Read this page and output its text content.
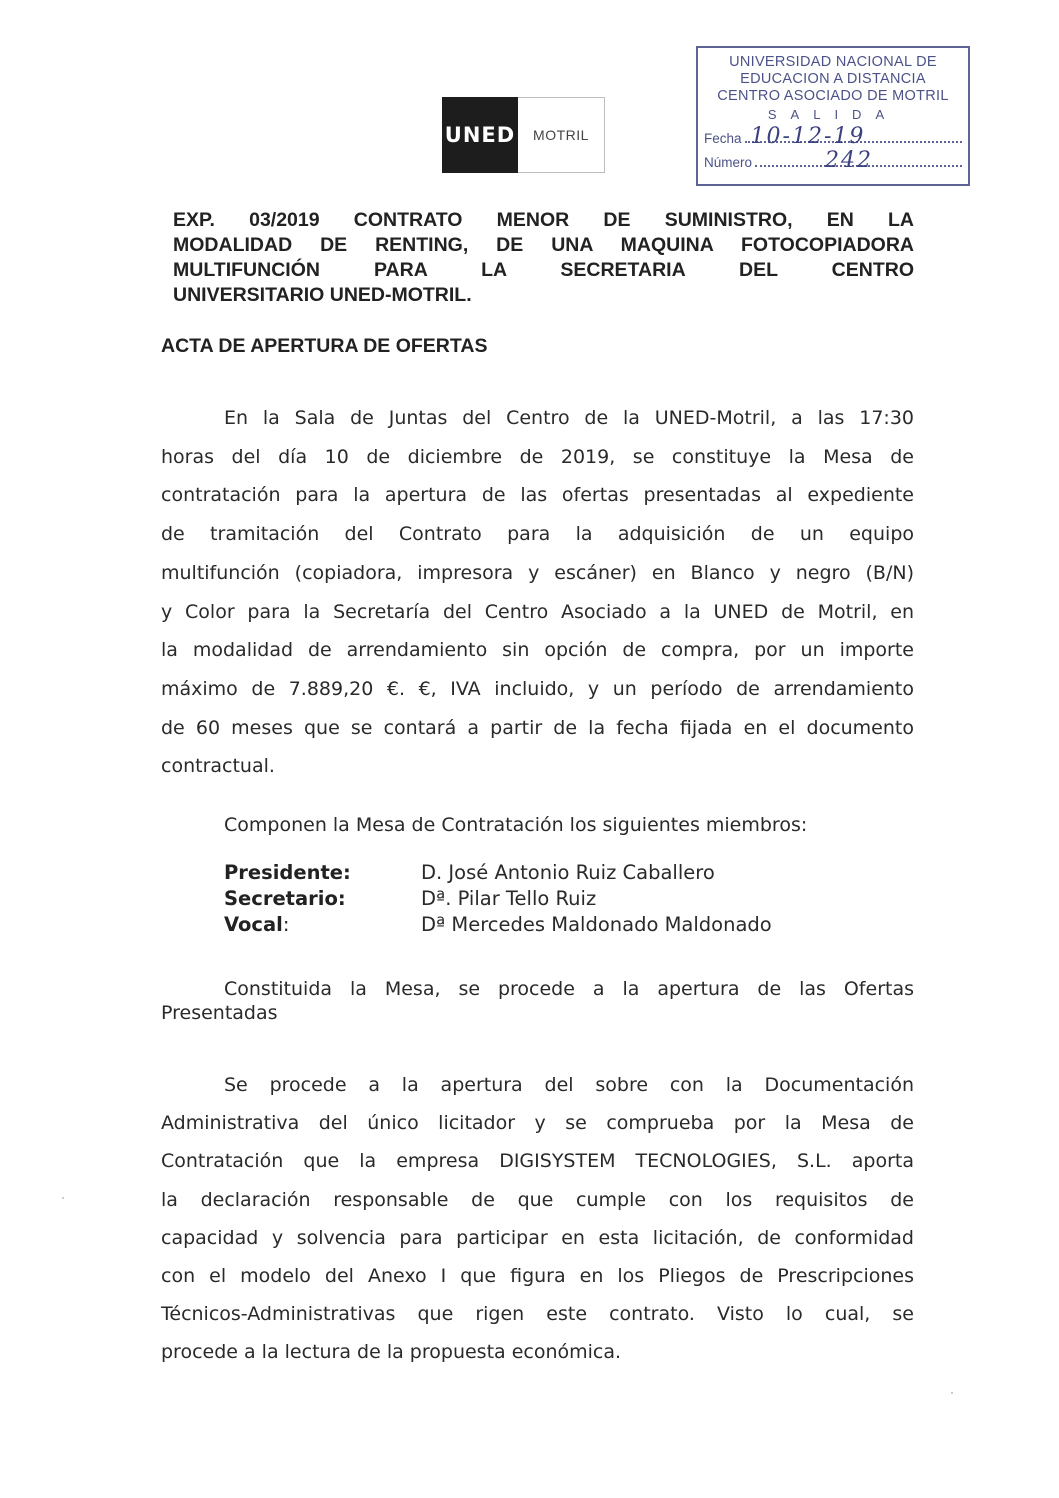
UNED	MOTRIL
UNIVERSIDAD NACIONAL DE
EDUCACION A DISTANCIA
CENTRO ASOCIADO DE MOTRIL
SALIDA
Fecha 10-12-19
Número	242
EXP. 03/2019 CONTRATO MENOR DE SUMINISTRO, EN LA
MODALIDAD DE RENTING, DE UNA MAQUINA FOTOCOPIADORA
MULTIFUNCIÓN PARA LA SECRETARIA DEL CENTRO
UNIVERSITARIO UNED-MOTRIL.
ACTA DE APERTURA DE OFERTAS
En la Sala de Juntas del Centro de la UNED-Motril, a las 17:30
horas del día 10 de diciembre de 2019, se constituye la Mesa de
contratación para la apertura de las ofertas presentadas al expediente
de tramitación del Contrato para la adquisición de un equipo
multifunción (copiadora, impresora y escáner) en Blanco y negro (B/N)
y Color para la Secretaría del Centro Asociado a la UNED de Motril, en
la modalidad de arrendamiento sin opción de compra, por un importe
máximo de 7.889,20 €. €, IVA incluido, y un período de arrendamiento
de 60 meses que se contará a partir de la fecha fijada en el documento
contractual.
Componen la Mesa de Contratación los siguientes miembros:
Presidente:	D. José Antonio Ruiz Caballero
Secretario:	Dª. Pilar Tello Ruiz
Vocal:	Dª Mercedes Maldonado Maldonado
Constituida la Mesa, se procede a la apertura de las Ofertas
Presentadas
Se procede a la apertura del sobre con la Documentación
Administrativa del único licitador y se comprueba por la Mesa de
Contratación que la empresa DIGISYSTEM TECNOLOGIES, S.L. aporta
la declaración responsable de que cumple con los requisitos de
capacidad y solvencia para participar en esta licitación, de conformidad
con el modelo del Anexo I que figura en los Pliegos de Prescripciones
Técnicos-Administrativas que rigen este contrato. Visto lo cual, se
procede a la lectura de la propuesta económica.
